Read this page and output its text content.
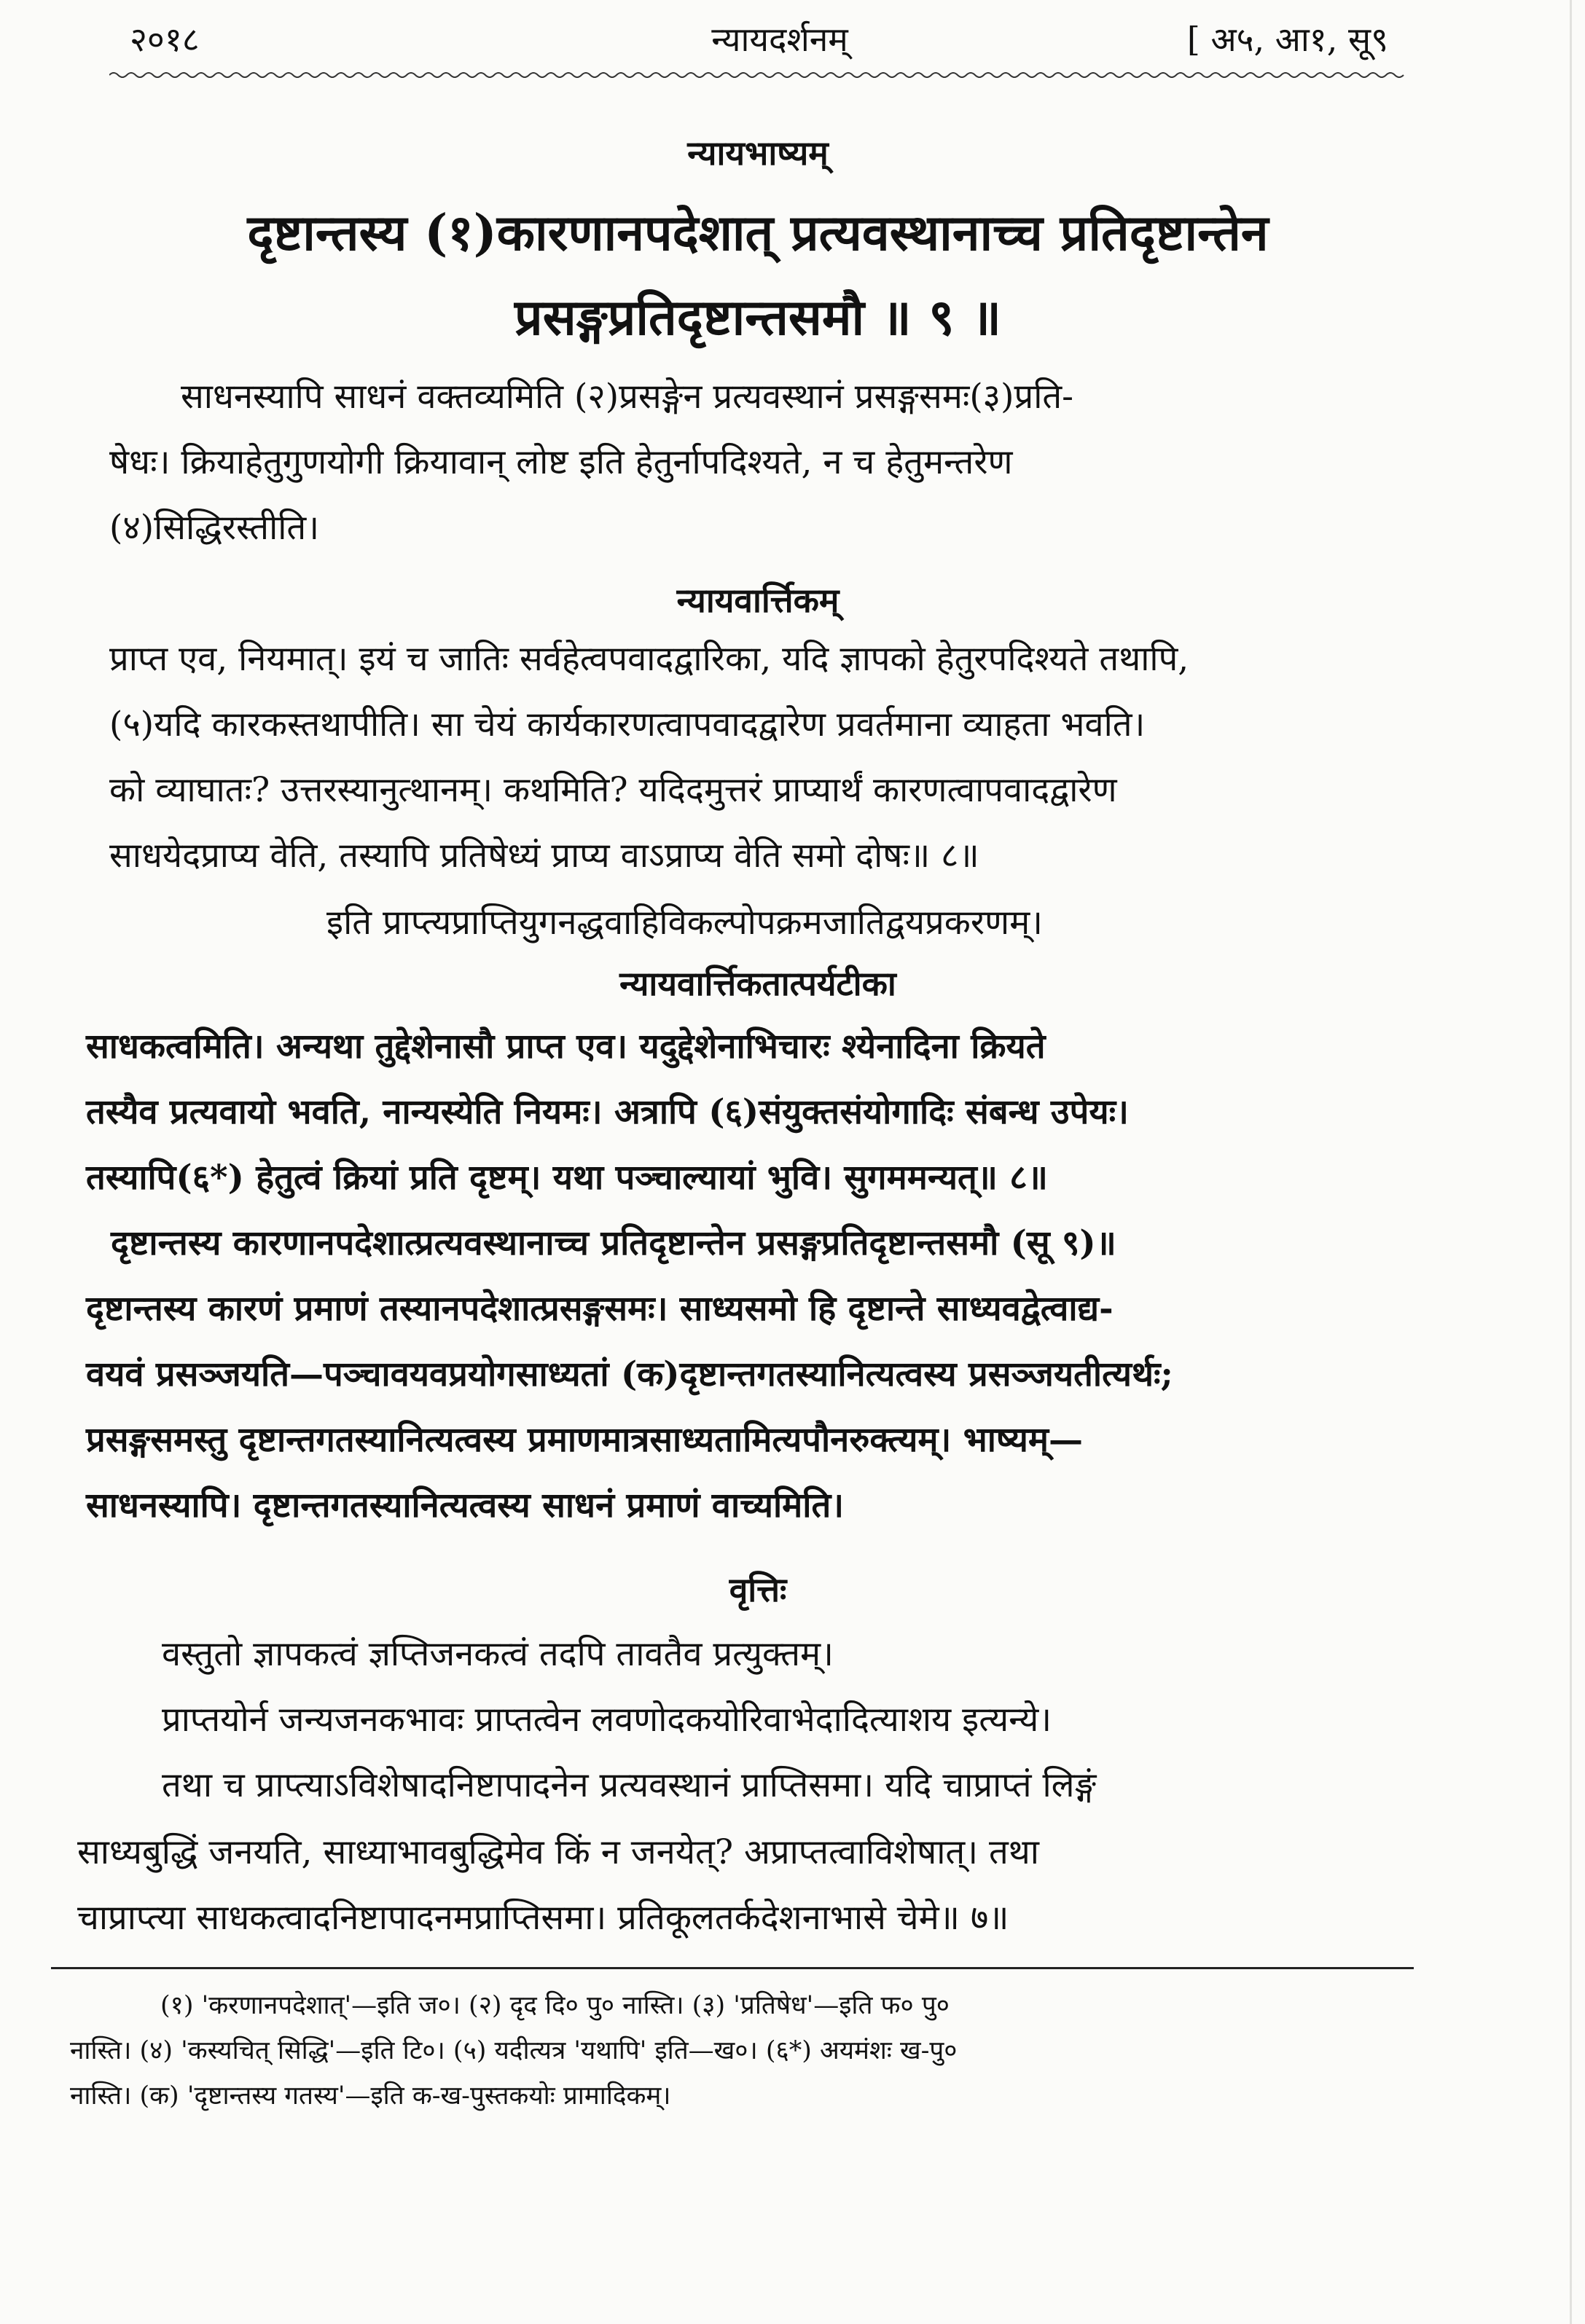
२०१८	न्यायदर्शनम्	[ अ५, आ१, सू९
न्यायभाष्यम्
दृष्टान्तस्य (१)कारणानपदेशात् प्रत्यवस्थानाच्च प्रतिदृष्टान्तेन
प्रसङ्गप्रतिदृष्टान्तसमौ ॥ ९ ॥
साधनस्यापि साधनं वक्तव्यमिति (२)प्रसङ्गेन प्रत्यवस्थानं प्रसङ्गसमः(३)प्रति-
षेधः। क्रियाहेतुगुणयोगी क्रियावान् लोष्ट इति हेतुर्नापदिश्यते, न च हेतुमन्तरेण
(४)सिद्धिरस्तीति।
न्यायवार्त्तिकम्
प्राप्त एव, नियमात्। इयं च जातिः सर्वहेत्वपवादद्वारिका, यदि ज्ञापको हेतुरपदिश्यते तथापि,
(५)यदि कारकस्तथापीति। सा चेयं कार्यकारणत्वापवादद्वारेण प्रवर्तमाना व्याहता भवति।
को व्याघातः? उत्तरस्यानुत्थानम्। कथमिति? यदिदमुत्तरं प्राप्यार्थं कारणत्वापवादद्वारेण
साधयेदप्राप्य वेति, तस्यापि प्रतिषेध्यं प्राप्य वाऽप्राप्य वेति समो दोषः॥ ८॥
इति प्राप्त्यप्राप्तियुगनद्धवाहिविकल्पोपक्रमजातिद्वयप्रकरणम्।
न्यायवार्त्तिकतात्पर्यटीका
साधकत्वमिति। अन्यथा तुद्देशेनासौ प्राप्त एव। यदुद्देशेनाभिचारः श्येनादिना क्रियते
तस्यैव प्रत्यवायो भवति, नान्यस्येति नियमः। अत्रापि (६)संयुक्तसंयोगादिः संबन्ध उपेयः।
तस्यापि(६*) हेतुत्वं क्रियां प्रति दृष्टम्। यथा पञ्चाल्यायां भुवि। सुगममन्यत्॥ ८॥
दृष्टान्तस्य कारणानपदेशात्प्रत्यवस्थानाच्च प्रतिदृष्टान्तेन प्रसङ्गप्रतिदृष्टान्तसमौ (सू ९)॥
दृष्टान्तस्य कारणं प्रमाणं तस्यानपदेशात्प्रसङ्गसमः। साध्यसमो हि दृष्टान्ते साध्यवद्वेत्वाद्य-
वयवं प्रसञ्जयति—पञ्चावयवप्रयोगसाध्यतां (क)दृष्टान्तगतस्यानित्यत्वस्य प्रसञ्जयतीत्यर्थः;
प्रसङ्गसमस्तु दृष्टान्तगतस्यानित्यत्वस्य प्रमाणमात्रसाध्यतामित्यपौनरुक्त्यम्। भाष्यम्—
साधनस्यापि। दृष्टान्तगतस्यानित्यत्वस्य साधनं प्रमाणं वाच्यमिति।
वृत्तिः
वस्तुतो ज्ञापकत्वं ज्ञप्तिजनकत्वं तदपि तावतैव प्रत्युक्तम्।
प्राप्तयोर्न जन्यजनकभावः प्राप्तत्वेन लवणोदकयोरिवाभेदादित्याशय इत्यन्ये।
तथा च प्राप्त्याऽविशेषादनिष्टापादनेन प्रत्यवस्थानं प्राप्तिसमा। यदि चाप्राप्तं लिङ्गं
साध्यबुद्धिं जनयति, साध्याभावबुद्धिमेव किं न जनयेत्? अप्राप्तत्वाविशेषात्। तथा
चाप्राप्त्या साधकत्वादनिष्टापादनमप्राप्तिसमा। प्रतिकूलतर्कदेशनाभासे चेमे॥ ७॥
(१) 'करणानपदेशात्'—इति ज०। (२) दृद दि० पु० नास्ति। (३) 'प्रतिषेध'—इति फ० पु०
नास्ति। (४) 'कस्यचित् सिद्धि'—इति टि०। (५) यदीत्यत्र 'यथापि' इति—ख०। (६*) अयमंशः ख-पु०
नास्ति। (क) 'दृष्टान्तस्य गतस्य'—इति क-ख-पुस्तकयोः प्रामादिकम्।
